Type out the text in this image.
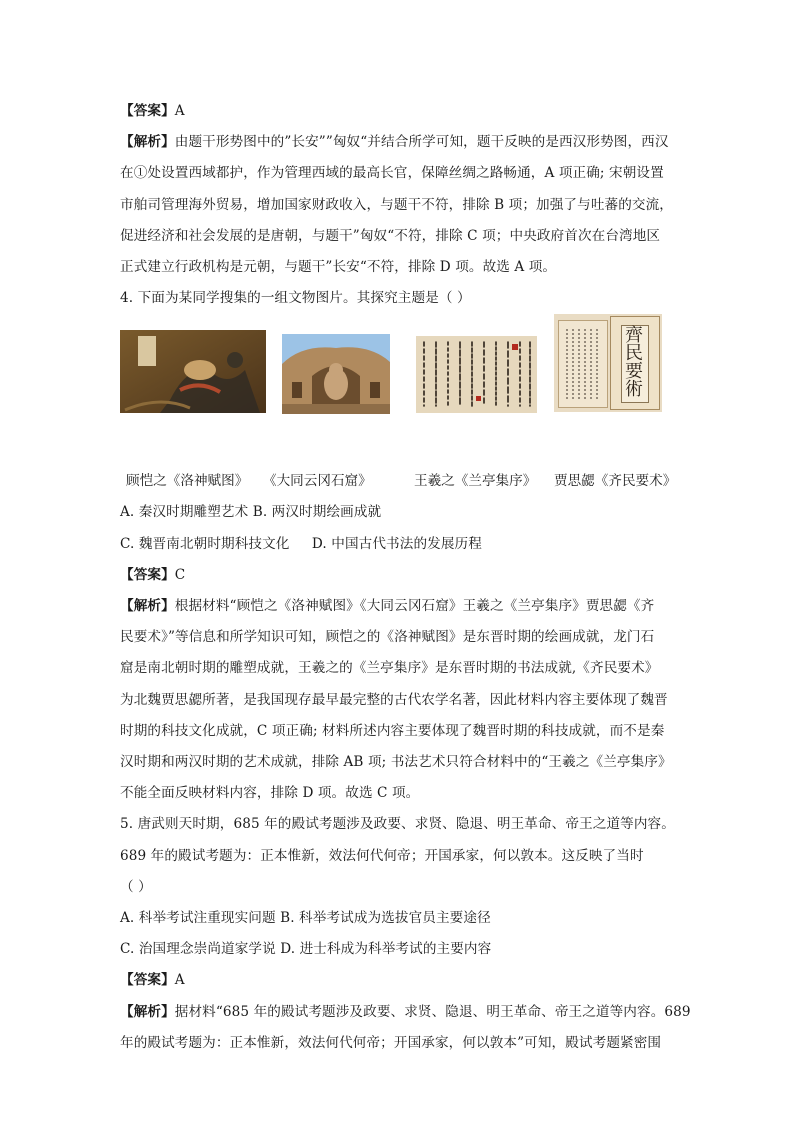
【答案】A
【解析】由题干形势图中的”长安””匈奴“并结合所学可知，题干反映的是西汉形势图，西汉
在①处设置西域都护，作为管理西域的最高长官，保障丝绸之路畅通，A 项正确; 宋朝设置
市舶司管理海外贸易，增加国家财政收入，与题干不符，排除 B 项；加强了与吐蕃的交流，
促进经济和社会发展的是唐朝，与题干”匈奴“不符，排除 C 项；中央政府首次在台湾地区
正式建立行政机构是元朝，与题干”长安“不符，排除 D 项。故选 A 项。
4. 下面为某同学搜集的一组文物图片。其探究主题是（ ）
齊民要術
顾恺之《洛神赋图》 《大同云冈石窟》	王羲之《兰亭集序》 贾思勰《齐民要术》
A. 秦汉时期雕塑艺术 B. 两汉时期绘画成就
C. 魏晋南北朝时期科技文化 D. 中国古代书法的发展历程
【答案】C
【解析】根据材料“顾恺之《洛神赋图》《大同云冈石窟》王羲之《兰亭集序》贾思勰《齐
民要术》”等信息和所学知识可知，顾恺之的《洛神赋图》是东晋时期的绘画成就，龙门石
窟是南北朝时期的雕塑成就，王羲之的《兰亭集序》是东晋时期的书法成就,《齐民要术》
为北魏贾思勰所著，是我国现存最早最完整的古代农学名著，因此材料内容主要体现了魏晋
时期的科技文化成就，C 项正确; 材料所述内容主要体现了魏晋时期的科技成就，而不是秦
汉时期和两汉时期的艺术成就，排除 AB 项; 书法艺术只符合材料中的“王羲之《兰亭集序》
不能全面反映材料内容，排除 D 项。故选 C 项。
5. 唐武则天时期，685 年的殿试考题涉及政要、求贤、隐退、明王革命、帝王之道等内容。
689 年的殿试考题为：正本惟新，效法何代何帝；开国承家，何以敦本。这反映了当时
（ ）
A. 科举考试注重现实问题 B. 科举考试成为选拔官员主要途径
C. 治国理念崇尚道家学说 D. 进士科成为科举考试的主要内容
【答案】A
【解析】据材料“685 年的殿试考题涉及政要、求贤、隐退、明王革命、帝王之道等内容。689
年的殿试考题为：正本惟新，效法何代何帝；开国承家，何以敦本”可知，殿试考题紧密围
